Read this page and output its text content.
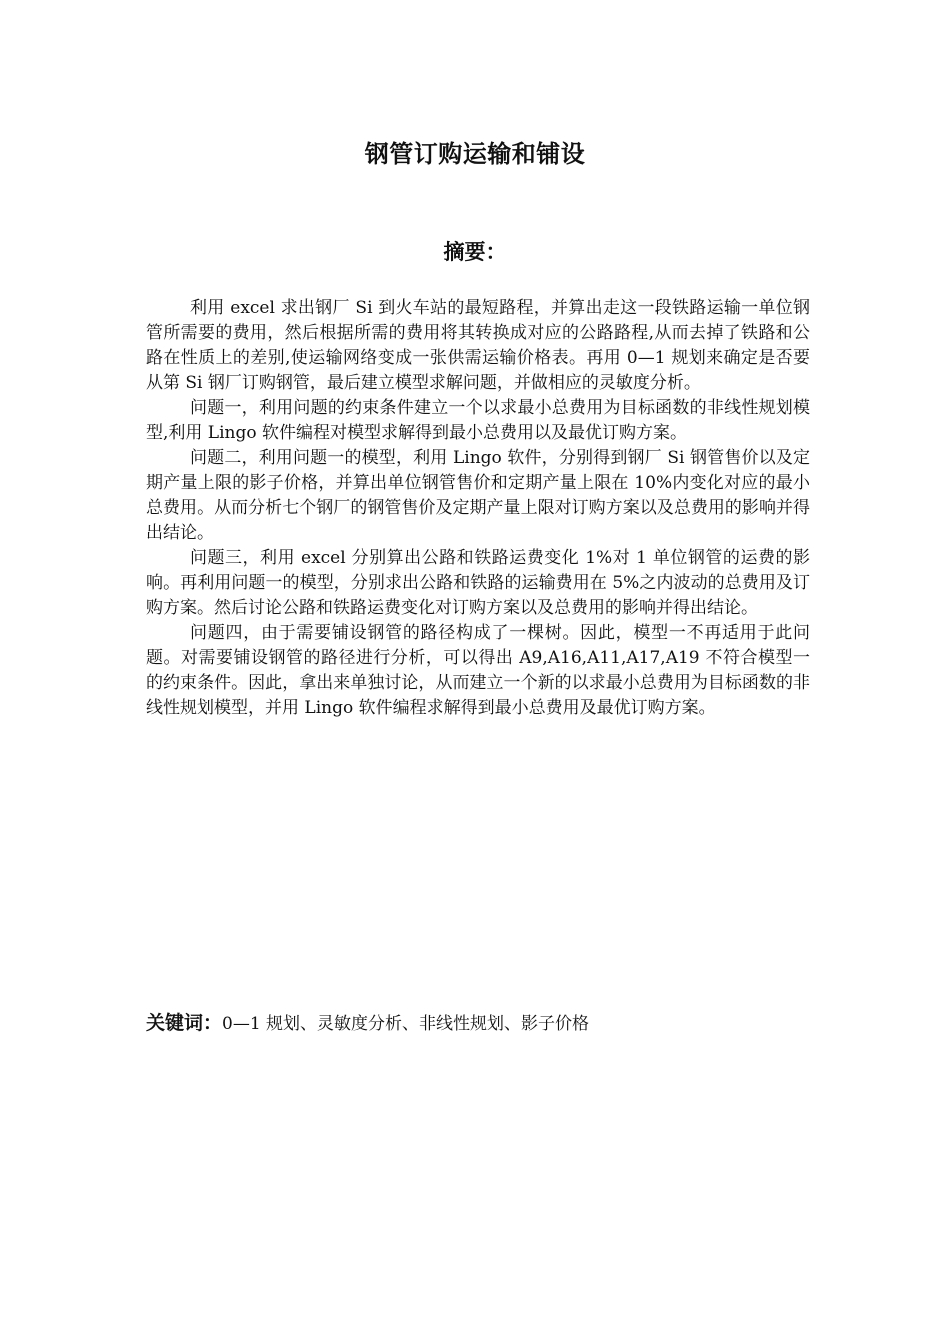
钢管订购运输和铺设
摘要：

利用 excel 求出钢厂 Si 到火车站的最短路程，并算出走这一段铁路运输一单位钢管所需要的费用，然后根据所需的费用将其转换成对应的公路路程,从而去掉了铁路和公路在性质上的差别,使运输网络变成一张供需运输价格表。再用 0—1 规划来确定是否要从第 Si 钢厂订购钢管，最后建立模型求解问题，并做相应的灵敏度分析。

问题一，利用问题的约束条件建立一个以求最小总费用为目标函数的非线性规划模型,利用 Lingo 软件编程对模型求解得到最小总费用以及最优订购方案。

问题二，利用问题一的模型，利用 Lingo 软件，分别得到钢厂 Si 钢管售价以及定期产量上限的影子价格，并算出单位钢管售价和定期产量上限在 10%内变化对应的最小总费用。从而分析七个钢厂的钢管售价及定期产量上限对订购方案以及总费用的影响并得出结论。

问题三，利用 excel 分别算出公路和铁路运费变化 1%对 1 单位钢管的运费的影响。再利用问题一的模型，分别求出公路和铁路的运输费用在 5%之内波动的总费用及订购方案。然后讨论公路和铁路运费变化对订购方案以及总费用的影响并得出结论。

问题四，由于需要铺设钢管的路径构成了一棵树。因此，模型一不再适用于此问题。对需要铺设钢管的路径进行分析，可以得出 A9,A16,A11,A17,A19 不符合模型一的约束条件。因此，拿出来单独讨论，从而建立一个新的以求最小总费用为目标函数的非线性规划模型，并用 Lingo 软件编程求解得到最小总费用及最优订购方案。

关键词：0—1 规划、灵敏度分析、非线性规划、影子价格
